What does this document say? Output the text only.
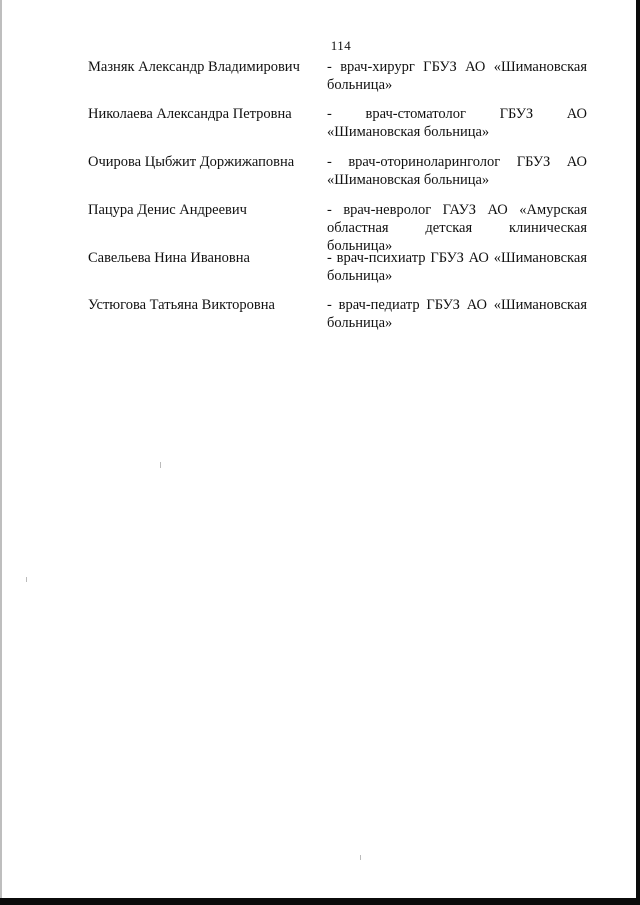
114
Мазняк Александр Владимирович	- врач-хирург ГБУЗ АО «Шимановская больница»
Николаева Александра Петровна	- врач-стоматолог ГБУЗ АО «Шимановская больница»
Очирова Цыбжит Доржижаповна	- врач-оториноларинголог ГБУЗ АО «Шимановская больница»
Пацура Денис Андреевич	- врач-невролог ГАУЗ АО «Амурская областная детская клиническая больница»
Савельева Нина Ивановна	- врач-психиатр ГБУЗ АО «Шимановская больница»
Устюгова Татьяна Викторовна	- врач-педиатр ГБУЗ АО «Шимановская больница»
